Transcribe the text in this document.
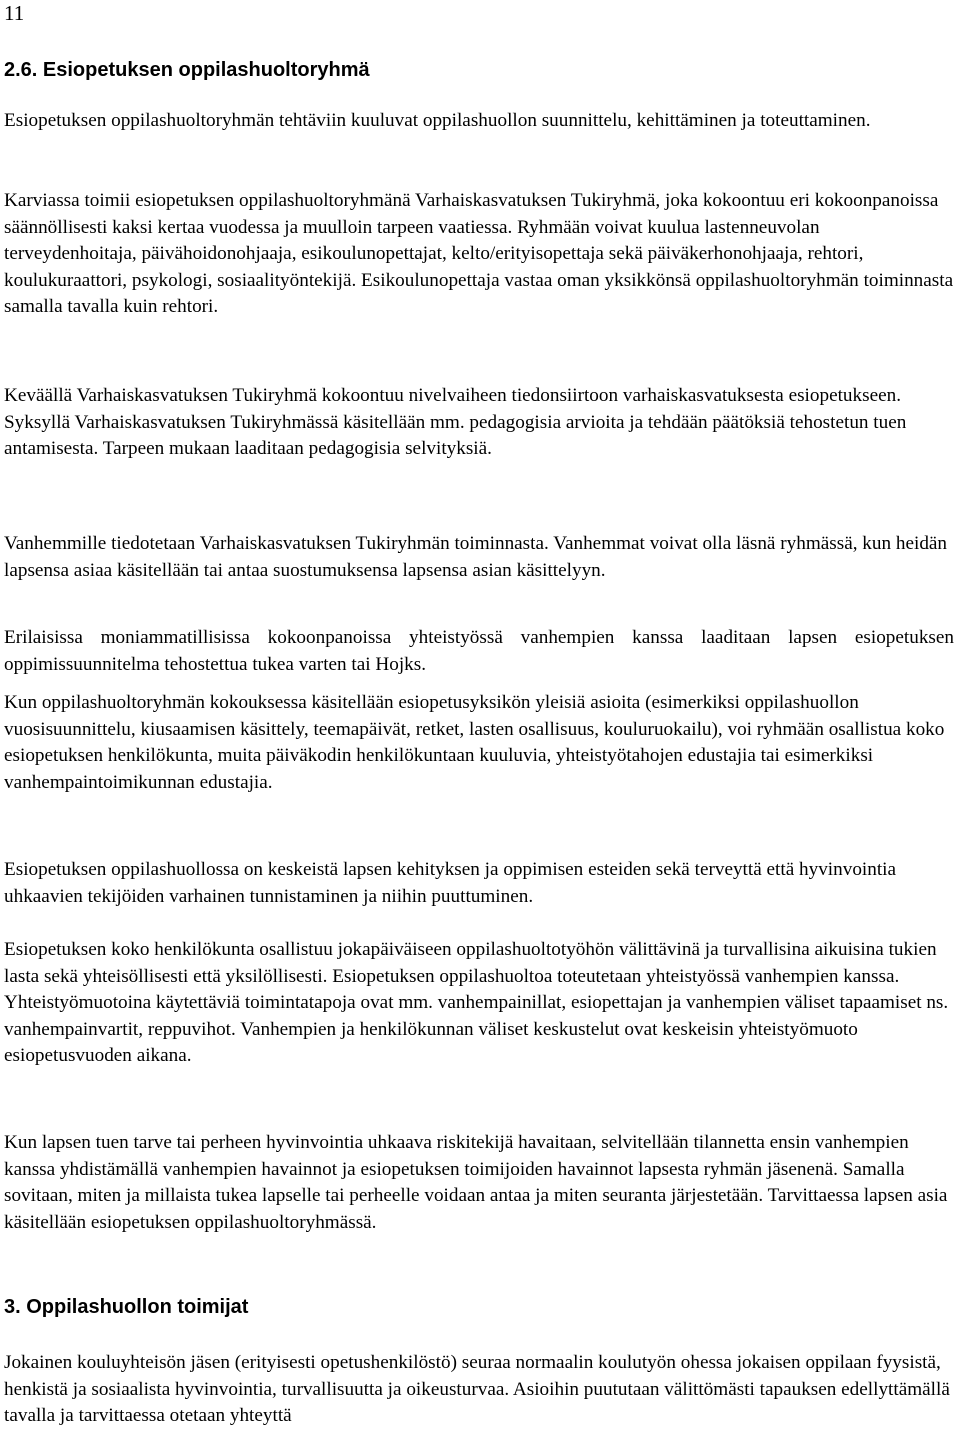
11
2.6. Esiopetuksen oppilashuoltoryhmä

Esiopetuksen oppilashuoltoryhmän tehtäviin kuuluvat oppilashuollon suunnittelu, kehittäminen ja toteuttaminen.

Karviassa toimii esiopetuksen oppilashuoltoryhmänä Varhaiskasvatuksen Tukiryhmä, joka kokoontuu eri kokoonpanoissa säännöllisesti kaksi kertaa vuodessa ja muulloin tarpeen vaatiessa. Ryhmään voivat kuulua lastenneuvolan terveydenhoitaja, päivähoidonohjaaja, esikoulunopettajat, kelto/erityisopettaja sekä päiväkerhonohjaaja, rehtori, koulukuraattori, psykologi, sosiaalityöntekijä. Esikoulunopettaja vastaa oman yksikkönsä oppilashuoltoryhmän toiminnasta samalla tavalla kuin rehtori.

Keväällä Varhaiskasvatuksen Tukiryhmä kokoontuu nivelvaiheen tiedonsiirtoon varhaiskasvatuksesta esiopetukseen. Syksyllä Varhaiskasvatuksen Tukiryhmässä käsitellään mm. pedagogisia arvioita ja tehdään päätöksiä tehostetun tuen antamisesta. Tarpeen mukaan laaditaan pedagogisia selvityksiä.

Vanhemmille tiedotetaan Varhaiskasvatuksen Tukiryhmän toiminnasta. Vanhemmat voivat olla läsnä ryhmässä, kun heidän lapsensa asiaa käsitellään tai antaa suostumuksensa lapsensa asian käsittelyyn.

Erilaisissa moniammatillisissa kokoonpanoissa yhteistyössä vanhempien kanssa laaditaan lapsen esiopetuksen oppimissuunnitelma tehostettua tukea varten tai Hojks.

Kun oppilashuoltoryhmän kokouksessa käsitellään esiopetusyksikön yleisiä asioita (esimerkiksi oppilashuollon vuosisuunnittelu, kiusaamisen käsittely, teemapäivät, retket, lasten osallisuus, kouluruokailu), voi ryhmään osallistua koko esiopetuksen henkilökunta, muita päiväkodin henkilökuntaan kuuluvia, yhteistyötahojen edustajia tai esimerkiksi vanhempaintoimikunnan edustajia.

Esiopetuksen oppilashuollossa on keskeistä lapsen kehityksen ja oppimisen esteiden sekä terveyttä että hyvinvointia uhkaavien tekijöiden varhainen tunnistaminen ja niihin puuttuminen.

Esiopetuksen koko henkilökunta osallistuu jokapäiväiseen oppilashuoltotyöhön välittävinä ja turvallisina aikuisina tukien lasta sekä yhteisöllisesti että yksilöllisesti. Esiopetuksen oppilashuoltoa toteutetaan yhteistyössä vanhempien kanssa. Yhteistyömuotoina käytettäviä toimintatapoja ovat mm. vanhempainillat, esiopettajan ja vanhempien väliset tapaamiset ns. vanhempainvartit, reppuvihot. Vanhempien ja henkilökunnan väliset keskustelut ovat keskeisin yhteistyömuoto esiopetusvuoden aikana.

Kun lapsen tuen tarve tai perheen hyvinvointia uhkaava riskitekijä havaitaan, selvitellään tilannetta ensin vanhempien kanssa yhdistämällä vanhempien havainnot ja esiopetuksen toimijoiden havainnot lapsesta ryhmän jäsenenä. Samalla sovitaan, miten ja millaista tukea lapselle tai perheelle voidaan antaa ja miten seuranta järjestetään. Tarvittaessa lapsen asia käsitellään esiopetuksen oppilashuoltoryhmässä.

3. Oppilashuollon toimijat

Jokainen kouluyhteisön jäsen (erityisesti opetushenkilöstö) seuraa normaalin koulutyön ohessa jokaisen oppilaan fyysistä, henkistä ja sosiaalista hyvinvointia, turvallisuutta ja oikeusturvaa. Asioihin puututaan välittömästi tapauksen edellyttämällä tavalla ja tarvittaessa otetaan yhteyttä
